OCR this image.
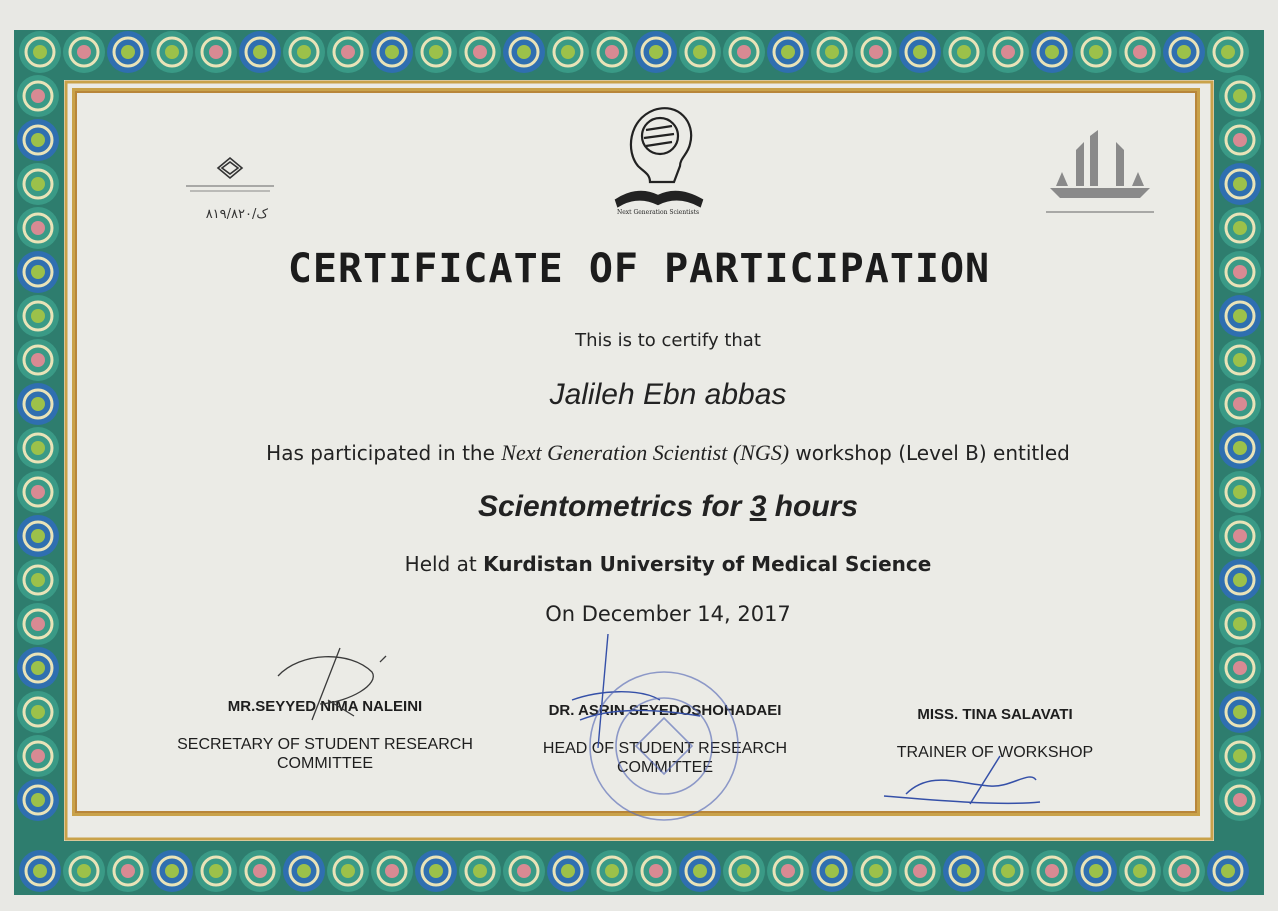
۸۱۹/۸۲۰/ک	Next Generation Scientists
CERTIFICATE OF PARTICIPATION
This is to certify that
Jalileh Ebn abbas
Has participated in the Next Generation Scientist (NGS) workshop (Level B) entitled
Scientometrics for 3 hours
Held at Kurdistan University of Medical Science
On December 14, 2017
MR.SEYYED NIMA NALEINI
SECRETARY OF STUDENT RESEARCH
COMMITTEE
DR. ASRIN SEYEDOSHOHADAEI
HEAD OF STUDENT RESEARCH
COMMITTEE
MISS. TINA SALAVATI
TRAINER OF WORKSHOP
